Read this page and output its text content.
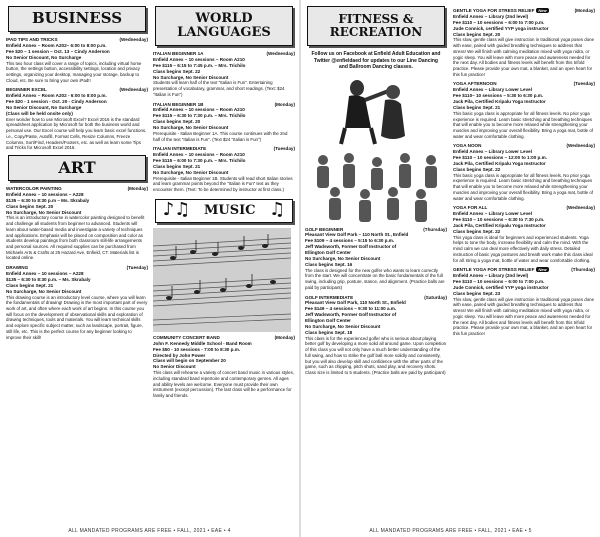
BUSINESS
IPAD TIPS AND TRICKS	(Wednesday)
Enfield Annex – Room A202– 6:00 to 8:00 p.m.
Fee $20 – 1 session – Oct. 13 – Cindy Anderson
No Senior Discount, No Surcharge
This two hour class will cover a range of topics, including virtual home button, the settings button, accessibility settings, location and privacy settings, organizing your desktop, managing your storage, backup to Cloud, etc. Be sure to bring your own iPad!!
BEGINNER EXCEL	(Wednesday)
Enfield Annex – Room A202 - 6:00 to 8:00 p.m.
Fee $20 - 1 session - Oct. 20 - Cindy Anderson
No Senior Discount, No Surcharge
(Class will be held onsite only)
Ever wonder how to use Microsoft Excel? Excel 2016 is the standard spreadsheet application by Microsoft for both the business world and personal use. Our Excel course will help you learn basic excel functions, i.e., Copy/Paste, Autofill, Format Cells, Resize Columns, Freeze Columns, Sort/Find, Headers/Footers, etc. as well as learn some Tips and Tricks for Microsoft Excel 2016.
ART
WATERCOLOR PAINTING	(Monday)
Enfield Annex – 10 sessions – A228
$135 – 6:30 to 8:30 p.m – Ms. Skrabaly
Class begins Sept. 20
No Surcharge, No Senior Discount
This is an introductory course in watercolor painting designed to benefit and challenge all students from beginner to advanced. Students will learn about water-based media and investigate a variety of techniques and applications. Emphasis will be placed on composition and color as students develop paintings from both classroom still-life arrangements and personal sources. All required supplies can be purchased from Michaels Arts & Crafts at 25 Hazard Ave, Enfield, CT. Materials list is located online.
DRAWING	(Tuesday)
Enfield Annex – 10 sessions – A228
$135 – 6:30 to 8:30 p.m. – Ms. Skrabaly
Class begins Sept. 21
No Surcharge, No Senior Discount
This drawing course is an introductory level course, where you will learn the fundamentals of drawing! Drawing is the most important part of every work of art, and often where each work of art begins. In this course you will focus on the development of observational skills and exploration of drawing techniques, tools and materials. You will learn technical skills and explore specific subject matter, such as landscape, portrait, figure, still life, etc. This is the perfect course for any beginner looking to improve their skill!
WORLD
LANGUAGES
ITALIAN BEGINNER 1A	(Wednesday)
Enfield Annex – 10 sessions – Room A210
Fee $115 – 6:15 to 7:45 p.m. – Mrs. Trichilo
Class begins Sept. 22
No Surcharge, No Senior Discount
Students will learn half of the text "Italian is Fun". Entertaining presentation of vocabulary, grammar, and short readings. (Text: $24 "Italian is Fun")
ITALIAN BEGINNER 1B	(Monday)
Enfield Annex – 10 sessions – Room A210
Fee $115 – 6:30 to 7:30 p.m. – Mrs. Trichilo
Class begins Sept. 20
No Surcharge, No Senior Discount
Prerequisite - Italian Beginner 1A. This course continues with the 2nd half of the text "Italian is Fun". (Text $24 "Italian is Fun")
ITALIAN INTERMEDIATE	(Tuesday)
Enfield Annex – 10 sessions – Room A210
Fee $115 – 6:00 to 7:30 p.m. – Mrs. Trichilo
Class begins Sept. 21
No Surcharge, No Senior Discount
Prerequisite - Italian Beginner 1B. Students will read short Italian stories and learn grammar points beyond the "Italian is Fun" text as they encounter them. (Text: To be determined by instructor at first class.)
♪♫ MUSIC ♫
COMMUNITY CONCERT BAND	(Monday)
John F. Kennedy Middle School - Band Room
Fee $50 - 10 sessions - 7:00 to 8:30 p.m.
Directed by John Power
Class will begin on September 20
No Senior Discount
This class will rehearse a variety of concert band music in various styles, including standard band repertoire and contemporary genres. All ages and ability levels are welcome. Everyone must provide their own instrument (except percussion). The last class will be a performance for family and friends.
ALL MANDATED PROGRAMS ARE FREE • FALL, 2021 • EAE • 4
FITNESS &
RECREATION
Follow us on Facebook at Enfield Adult Education and Twitter @enfieldaed for updates to our Line Dancing and Ballroom Dancing classes.
GOLF BEGINNER	(Thursday)
Pleasant View Golf Park – 110 North St., Enfield
Fee $109 – 4 sessions – 5:15 to 6:30 p.m.
Jeff Wadsworth, Former Golf Instructor of
Ellington Golf Center
No Surcharge, No Senior Discount
Class begins Sept. 16
The class is designed for the new golfer who wants to learn correctly from the start. We will concentrate on the basic fundamentals of the full swing, including grip, posture, stance, and alignment. (Practice balls are paid by participant)
GOLF INTERMEDIATE	(Saturday)
Pleasant View Golf Park, 110 North St., Enfield
Fee $149 – 4 sessions – 9:30 to 11:00 a.m.
Jeff Wadsworth, Former Golf Instructor of
Ellington Golf Center
No Surcharge, No Senior Discount
Class begins Sept. 18
This class is for the experienced golfer who is serious about playing better golf by developing a more solid all around game. Upon completion of this class you will not only have a much better understanding of the full swing, and how to strike the golf ball more solidly and consistently, but you will also develop skill and confidence with the other parts of the game, such as chipping, pitch shots, sand play, and recovery shots. Class size is limited to 5 students. (Practice balls are paid by participant)
GENTLE YOGA FOR STRESS RELIEF	(Monday)
New
Enfield Annex – Library (2nd level)
Fee $110 – 10 sessions – 6:00 to 7:00 p.m.
Jude Connick, certified YYP yoga instructor
Class begins Sept. 20
This slow, gentle class will give instruction in traditional yoga poses done with ease, paired with guided breathing techniques to address that stress! We will finish with calming meditation mixed with yoga nidra, or yogic sleep. You will leave with more peace and awareness needed for the next day. All bodies and fitness levels will benefit from this trifold practice. Please provide your own mat, a blanket, and an open heart for this fun practice!
YOGA AFTERNOON	(Tuesday)
Enfield Annex – Library Lower Level
Fee $110– 10 sessions – 5:30 to 6:30 p.m.
Jack Pila, Certified Kripalu Yoga Instructor
Class begins Sept. 21
This basic yoga class is appropriate for all fitness levels. No prior yoga experience is required. Learn basic stretching and breathing techniques that will enable you to become more relaxed while strengthening your muscles and improving your overall flexibility. Bring a yoga mat, bottle of water and wear comfortable clothing.
YOGA NOON	(Wednesday)
Enfield Annex – Library Lower Level
Fee $110 – 10 sessions – 12:00 to 1:00 p.m.
Jack Pila, Certified Kripalu Yoga Instructor
Class begins Sept. 22
This basic yoga class is appropriate for all fitness levels. No prior yoga experience is required. Learn basic stretching and breathing techniques that will enable you to become more relaxed while strengthening your muscles and improving your overall flexibility. Bring a yoga mat, bottle of water and wear comfortable clothing.
YOGA FOR ALL	(Wednesday)
Enfield Annex – Library Lower Level
Fee $110 – 10 sessions – 6:30 to 7:30 p.m.
Jack Pila, Certified Kripalu Yoga Instructor
Class begins Sept. 22
This yoga class is ideal for beginners and experienced students. Yoga helps to tone the body, increase flexibility and calm the mind. With the mind calm we can deal more effectively with daily stress. Detailed instruction of basic yoga postures and breath work make this class ideal for all. Bring a yoga mat, bottle of water and wear comfortable clothing.
GENTLE YOGA FOR STRESS RELIEF	(Thursday)
New
Enfield Annex – Library (2nd level)
Fee $110 – 10 sessions – 6:00 to 7:00 p.m.
Jude Connick, certified YYP yoga instructor
Class begins Sept. 23
This slow, gentle class will give instruction in traditional yoga poses done with ease, paired with guided breathing techniques to address that stress! We will finish with calming meditation mixed with yoga nidra, or yogic sleep. You will leave with more peace and awareness needed for the next day. All bodies and fitness levels will benefit from this trifold practice. Please provide your own mat, a blanket, and an open heart for this fun practice!
ALL MANDATED PROGRAMS ARE FREE • FALL, 2021 • EAE • 5
